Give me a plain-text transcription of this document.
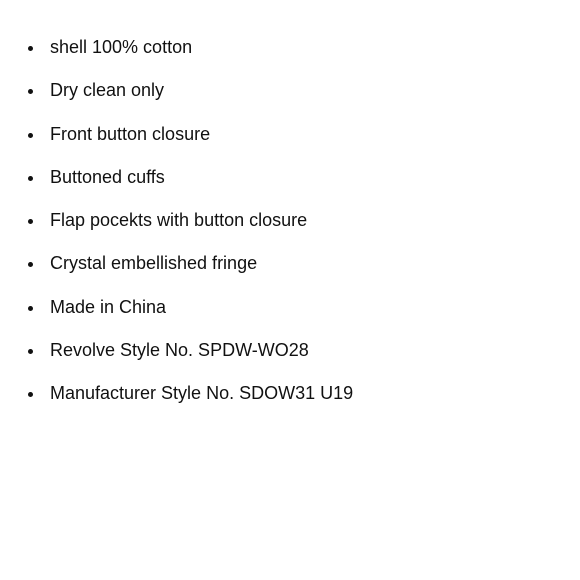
shell 100% cotton
Dry clean only
Front button closure
Buttoned cuffs
Flap pocekts with button closure
Crystal embellished fringe
Made in China
Revolve Style No. SPDW-WO28
Manufacturer Style No. SDOW31 U19
